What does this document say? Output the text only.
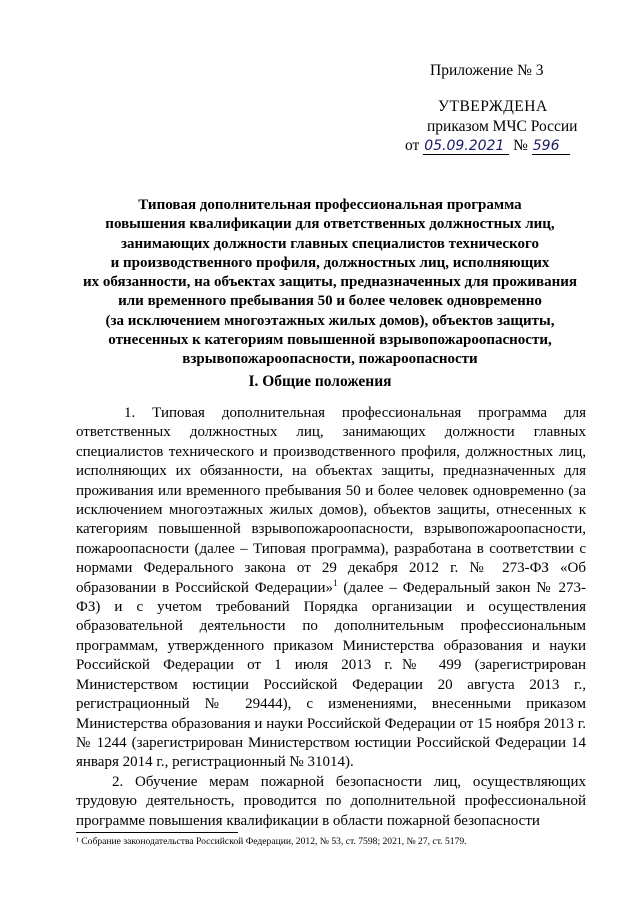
Приложение № 3
УТВЕРЖДЕНА
приказом МЧС России
от 05.09.2021 № 596
Типовая дополнительная профессиональная программа
повышения квалификации для ответственных должностных лиц,
занимающих должности главных специалистов технического
и производственного профиля, должностных лиц, исполняющих
их обязанности, на объектах защиты, предназначенных для проживания
или временного пребывания 50 и более человек одновременно
(за исключением многоэтажных жилых домов), объектов защиты,
отнесенных к категориям повышенной взрывопожароопасности,
взрывопожароопасности, пожароопасности
I. Общие положения

1. Типовая дополнительная профессиональная программа для ответственных должностных лиц, занимающих должности главных специалистов технического и производственного профиля, должностных лиц, исполняющих их обязанности, на объектах защиты, предназначенных для проживания или временного пребывания 50 и более человек одновременно (за исключением многоэтажных жилых домов), объектов защиты, отнесенных к категориям повышенной взрывопожароопасности, взрывопожароопасности, пожароопасности (далее – Типовая программа), разработана в соответствии с нормами Федерального закона от 29 декабря 2012 г. № 273-ФЗ «Об образовании в Российской Федерации»$^1$ (далее – Федеральный закон № 273-ФЗ) и с учетом требований Порядка организации и осуществления образовательной деятельности по дополнительным профессиональным программам, утвержденного приказом Министерства образования и науки Российской Федерации от 1 июля 2013 г.№ 499 (зарегистрирован Министерством юстиции Российской Федерации 20 августа 2013 г., регистрационный № 29444), с изменениями, внесенными приказом Министерства образования и науки Российской Федерации от 15 ноября 2013 г. № 1244 (зарегистрирован Министерством юстиции Российской Федерации 14 января 2014 г., регистрационный № 31014).

2. Обучение мерам пожарной безопасности лиц, осуществляющих трудовую деятельность, проводится по дополнительной профессиональной программе повышения квалификации в области пожарной безопасности

¹ Собрание законодательства Российской Федерации, 2012, № 53, ст. 7598; 2021, № 27, ст. 5179.
